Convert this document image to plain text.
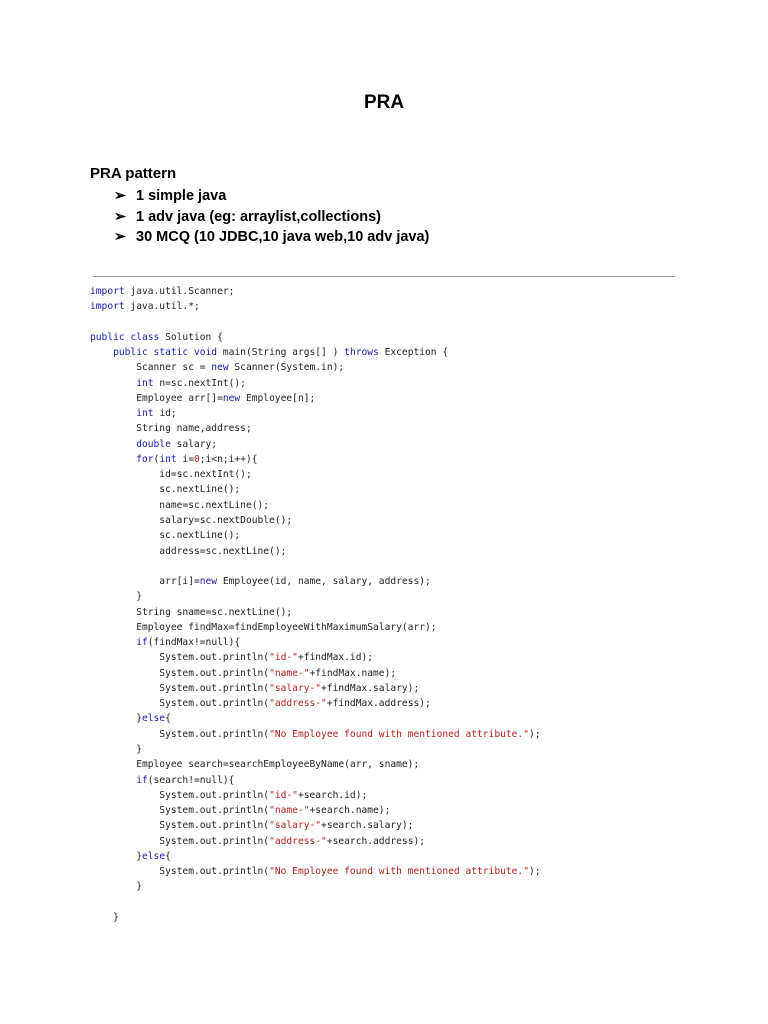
PRA
PRA pattern
➢ 1 simple java
➢ 1 adv java (eg: arraylist,collections)
➢ 30 MCQ (10 JDBC,10 java web,10 adv java)
import java.util.Scanner;
import java.util.*;
public class Solution {
public static void main(String args[] ) throws Exception {
Scanner sc = new Scanner(System.in);
int n=sc.nextInt();
Employee arr[]=new Employee[n];
int id;
String name,address;
double salary;
for(int i=0;i<n;i++){
id=sc.nextInt();
sc.nextLine();
name=sc.nextLine();
salary=sc.nextDouble();
sc.nextLine();
address=sc.nextLine();
arr[i]=new Employee(id, name, salary, address);
}
String sname=sc.nextLine();
Employee findMax=findEmployeeWithMaximumSalary(arr);
if(findMax!=null){
System.out.println("id-"+findMax.id);
System.out.println("name-"+findMax.name);
System.out.println("salary-"+findMax.salary);
System.out.println("address-"+findMax.address);
}else{
System.out.println("No Employee found with mentioned attribute.");
}
Employee search=searchEmployeeByName(arr, sname);
if(search!=null){
System.out.println("id-"+search.id);
System.out.println("name-"+search.name);
System.out.println("salary-"+search.salary);
System.out.println("address-"+search.address);
}else{
System.out.println("No Employee found with mentioned attribute.");
}
}
